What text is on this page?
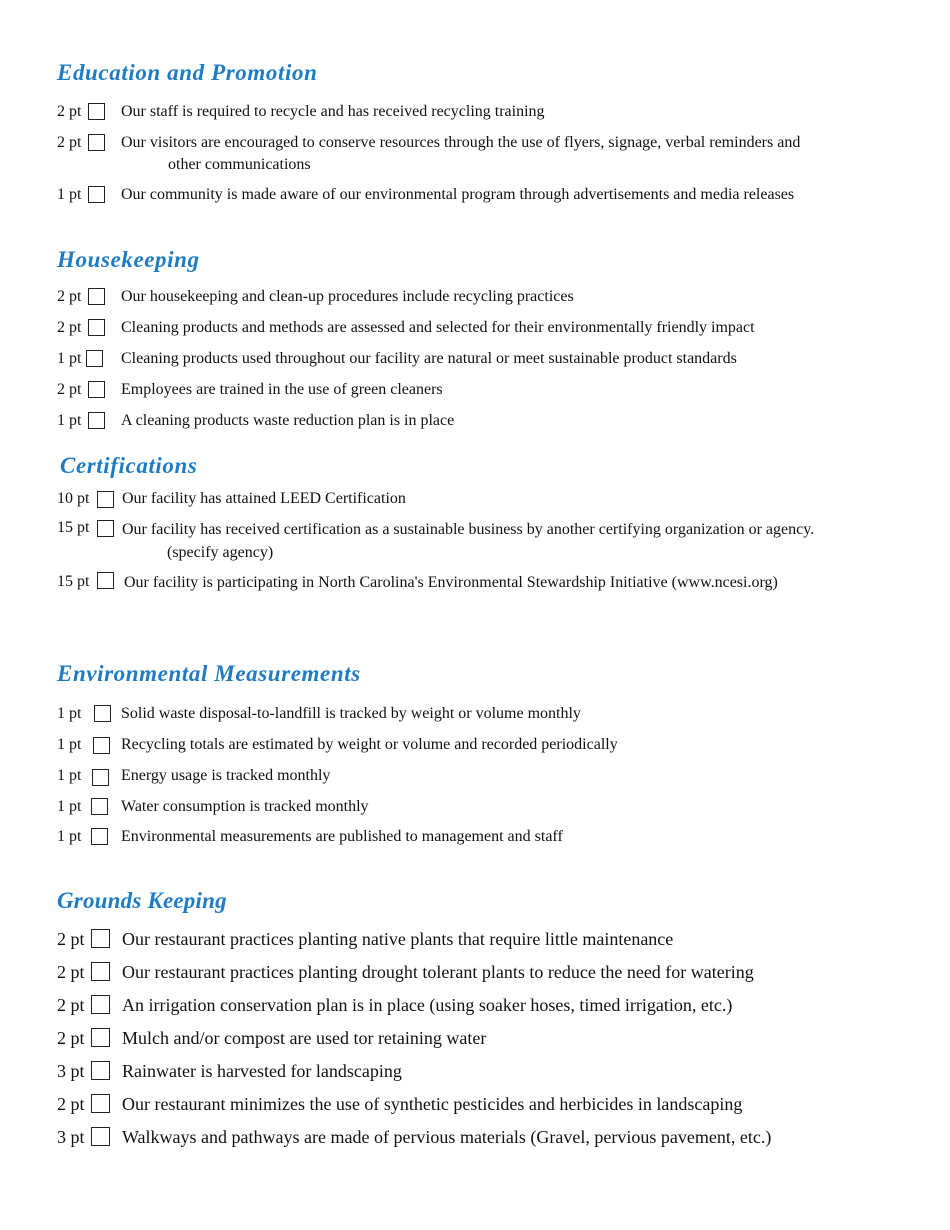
Education and Promotion
2 pt Our staff is required to recycle and has received recycling training
2 pt Our visitors are encouraged to conserve resources through the use of flyers, signage, verbal reminders and
other communications
1 pt Our community is made aware of our environmental program through advertisements and media releases
Housekeeping
2 pt Our housekeeping and clean-up procedures include recycling practices
2 pt Cleaning products and methods are assessed and selected for their environmentally friendly impact
1 pt Cleaning products used throughout our facility are natural or meet sustainable product standards
2 pt Employees are trained in the use of green cleaners
1 pt A cleaning products waste reduction plan is in place
Certifications
10 pt Our facility has attained LEED Certification
15 pt Our facility has received certification as a sustainable business by another certifying organization or agency.
(specify agency)
15 pt Our facility is participating in North Carolina's Environmental Stewardship Initiative (www.ncesi.org)
Environmental Measurements
1 pt Solid waste disposal-to-landfill is tracked by weight or volume monthly
1 pt Recycling totals are estimated by weight or volume and recorded periodically
1 pt Energy usage is tracked monthly
1 pt Water consumption is tracked monthly
1 pt Environmental measurements are published to management and staff
Grounds Keeping
2 pt Our restaurant practices planting native plants that require little maintenance
2 pt Our restaurant practices planting drought tolerant plants to reduce the need for watering
2 pt An irrigation conservation plan is in place (using soaker hoses, timed irrigation, etc.)
2 pt Mulch and/or compost are used tor retaining water
3 pt Rainwater is harvested for landscaping
2 pt Our restaurant minimizes the use of synthetic pesticides and herbicides in landscaping
3 pt Walkways and pathways are made of pervious materials (Gravel, pervious pavement, etc.)
